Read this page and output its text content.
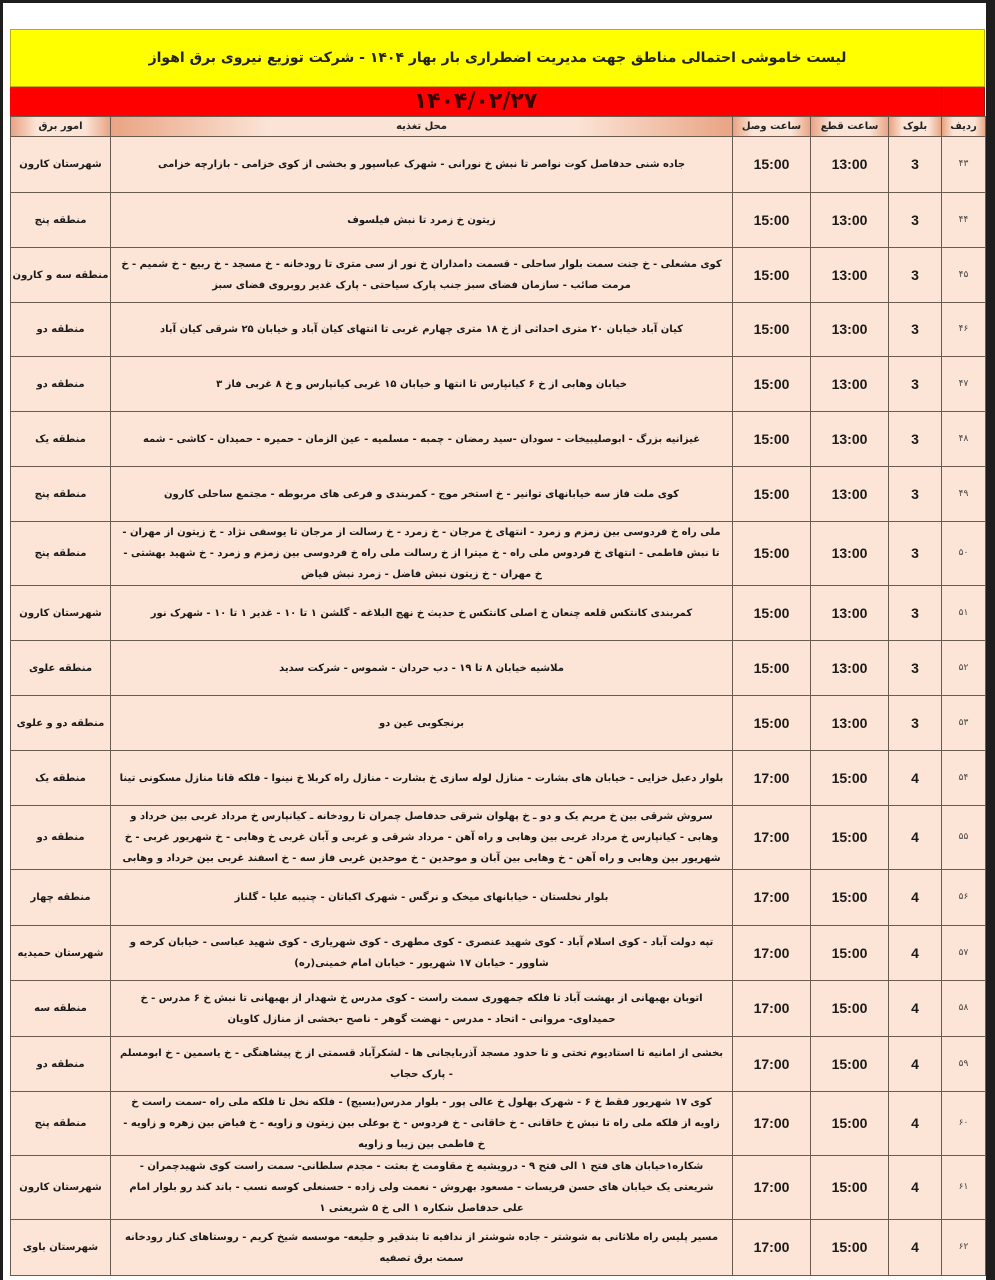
لیست خاموشی احتمالی مناطق جهت مدیریت اضطراری بار بهار ۱۴۰۴ - شرکت توزیع نیروی برق اهواز
۱۴۰۴/۰۲/۲۷
ردیف	بلوک	ساعت قطع	ساعت وصل	محل تغذیه	امور برق
۴۳	3	13:00	15:00	جاده شنی حدفاصل کوت نواصر تا نبش خ نورانی - شهرک عباسپور و بخشی از کوی خزامی - بازارچه خزامی	شهرستان کارون
۴۴	3	13:00	15:00	زیتون خ زمرد تا نبش فیلسوف	منطقه پنج
۴۵	3	13:00	15:00	کوی مشعلی - خ جنت سمت بلوار ساحلی - قسمت دامداران خ نور از سی متری تا رودخانه - خ مسجد - خ ربیع - خ شمیم - خ مرمت صائب - سازمان فضای سبز جنب پارک سیاحتی - پارک غدیر روبروی فضای سبز	منطقه سه و کارون
۴۶	3	13:00	15:00	کیان آباد خیابان ۲۰ متری احداثی از خ ۱۸ متری چهارم غربی تا انتهای کیان آباد و خیابان ۲۵ شرقی کیان آباد	منطقه دو
۴۷	3	13:00	15:00	خیابان وهابی از خ ۶ کیانپارس تا انتها و خیابان ۱۵ غربی کیانپارس و خ ۸ غربی فاز ۳	منطقه دو
۴۸	3	13:00	15:00	غیزانیه بزرگ - ابوصلیبیخات - سودان -سید رمضان - چمبه - مسلمیه - عین الزمان - حمیره - حمیدان - کاشی - شمه	منطقه یک
۴۹	3	13:00	15:00	کوی ملت فاز سه خیابانهای توانیر - خ استخر موج - کمربندی و فرعی های مربوطه - مجتمع ساحلی کارون	منطقه پنج
۵۰	3	13:00	15:00	ملی راه خ فردوسی بین زمزم و زمرد - انتهای خ مرجان - خ زمرد - خ رسالت از مرجان تا یوسفی نژاد - خ زیتون از مهران - تا نبش فاطمی - انتهای خ فردوس ملی راه - خ میترا از خ رسالت ملی راه خ فردوسی بین زمزم و زمرد - خ شهید بهشتی - خ مهران - خ زیتون نبش فاضل - زمرد نبش فیاض	منطقه پنج
۵۱	3	13:00	15:00	کمربندی کانتکس قلعه چنعان خ اصلی کانتکس خ حدیث خ نهج البلاغه - گلشن ۱ تا ۱۰ - غدیر ۱ تا ۱۰ - شهرک نور	شهرستان کارون
۵۲	3	13:00	15:00	ملاشیه خیابان ۸ تا ۱۹ - دب حردان - شموس - شرکت سدید	منطقه علوی
۵۳	3	13:00	15:00	برنجکوبی عین دو	منطقه دو و علوی
۵۴	4	15:00	17:00	بلوار دعبل خزایی - خیابان های بشارت - منازل لوله سازی خ بشارت - منازل راه کربلا خ نینوا - فلکه قانا منازل مسکونی تینا	منطقه یک
۵۵	4	15:00	17:00	سروش شرقی بین خ مریم یک و دو ـ خ پهلوان شرقی حدفاصل چمران تا رودخانه ـ کیانپارس خ مرداد غربی بین خرداد و وهابی - کیانپارس خ مرداد غربی بین وهابی و راه آهن - مرداد شرقی و غربی و آبان غربی خ وهابی - خ شهریور غربی - خ شهریور بین وهابی و راه آهن - خ وهابی بین آبان و موحدین - خ موحدین غربی فاز سه - خ اسفند غربی بین خرداد و وهابی	منطقه دو
۵۶	4	15:00	17:00	بلوار نخلستان - خیابانهای میخک و نرگس - شهرک اکباتان - چنیبه علیا - گلناز	منطقه چهار
۵۷	4	15:00	17:00	تپه دولت آباد - کوی اسلام آباد - کوی شهید عنصری - کوی مطهری - کوی شهریاری - کوی شهید عباسی - خیابان کرخه و شاوور - خیابان ۱۷ شهریور - خیابان امام خمینی(ره)	شهرستان حمیدیه
۵۸	4	15:00	17:00	اتوبان بهبهانی از بهشت آباد تا فلکه جمهوری سمت راست - کوی مدرس خ شهدار از بهبهانی تا نبش خ ۶ مدرس - خ حمیداوی- مروانی - اتحاد - مدرس - نهضت گوهر - ناصح -بخشی از منازل کاویان	منطقه سه
۵۹	4	15:00	17:00	بخشی از امانیه تا استادیوم تختی و تا حدود مسجد آذربایجانی ها - لشکرآباد قسمتی از خ پیشاهنگی - خ یاسمین - خ ابومسلم - پارک حجاب	منطقه دو
۶۰	4	15:00	17:00	کوی ۱۷ شهریور فقط خ ۶ - شهرک بهلول خ عالی پور - بلوار مدرس(بسیج) - فلکه نخل تا فلکه ملی راه -سمت راست خ زاویه از فلکه ملی راه تا نبش خ خاقانی - خ خاقانی - خ فردوس - خ بوعلی بین زیتون و زاویه - خ فیاض بین زهره و زاویه - خ فاطمی بین زیبا و زاویه	منطقه پنج
۶۱	4	15:00	17:00	شکاره۱خیابان های فتح ۱ الی فتح ۹ - درویشیه خ مقاومت خ بعثت - مجدم سلطانی- سمت راست کوی شهیدچمران - شریعتی یک خیابان های حسن فریسات - مسعود بهروش - نعمت ولی زاده - حسنعلی کوسه نسب - باند کند رو بلوار امام علی حدفاصل شکاره ۱ الی خ ۵ شریعتی ۱	شهرستان کارون
۶۲	4	15:00	17:00	مسیر پلیس راه ملاثانی به شوشتر - جاده شوشتر از ندافیه تا بندقیر و جلیعه- موسسه شیخ کریم - روستاهای کنار رودخانه سمت برق تصفیه	شهرستان باوی
